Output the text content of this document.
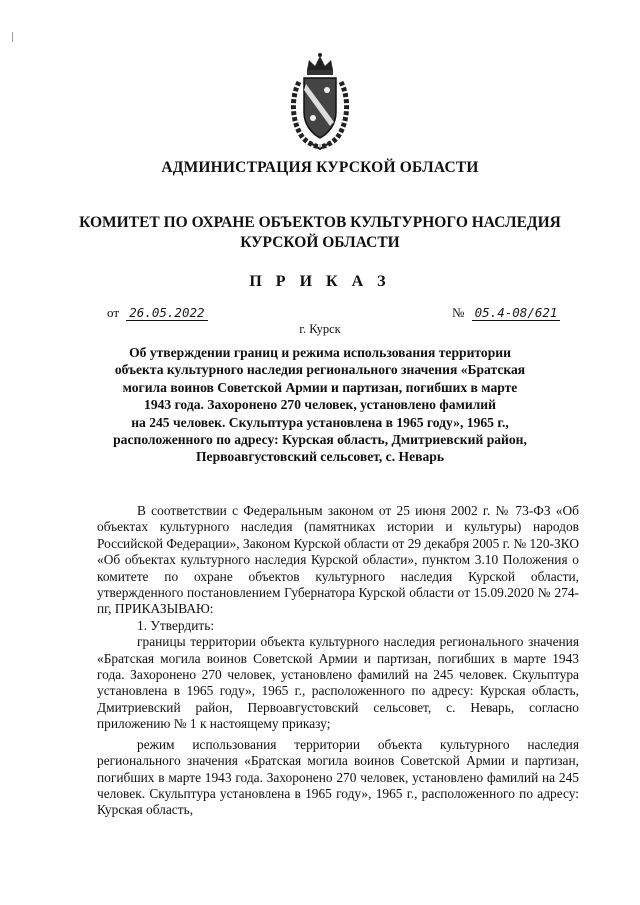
АДМИНИСТРАЦИЯ КУРСКОЙ ОБЛАСТИ
КОМИТЕТ ПО ОХРАНЕ ОБЪЕКТОВ КУЛЬТУРНОГО НАСЛЕДИЯ
КУРСКОЙ ОБЛАСТИ
П Р И К А З
от 26.05.2022	№ 05.4-08/621
г. Курск
Об утверждении границ и режима использования территории
объекта культурного наследия регионального значения «Братская
могила воинов Советской Армии и партизан, погибших в марте
1943 года. Захоронено 270 человек, установлено фамилий
на 245 человек. Скульптура установлена в 1965 году», 1965 г.,
расположенного по адресу: Курская область, Дмитриевский район,
Первоавгустовский сельсовет, с. Неварь

В соответствии с Федеральным законом от 25 июня 2002 г. № 73-ФЗ «Об объектах культурного наследия (памятниках истории и культуры) народов Российской Федерации», Законом Курской области от 29 декабря 2005 г. № 120-ЗКО «Об объектах культурного наследия Курской области», пунктом 3.10 Положения о комитете по охране объектов культурного наследия Курской области, утвержденного постановлением Губернатора Курской области от 15.09.2020 № 274-пг, ПРИКАЗЫВАЮ:

1. Утвердить:

границы территории объекта культурного наследия регионального значения «Братская могила воинов Советской Армии и партизан, погибших в марте 1943 года. Захоронено 270 человек, установлено фамилий на 245 человек. Скульптура установлена в 1965 году», 1965 г., расположенного по адресу: Курская область, Дмитриевский район, Первоавгустовский сельсовет, с. Неварь, согласно приложению № 1 к настоящему приказу;

режим использования территории объекта культурного наследия регионального значения «Братская могила воинов Советской Армии и партизан, погибших в марте 1943 года. Захоронено 270 человек, установлено фамилий на 245 человек. Скульптура установлена в 1965 году», 1965 г., расположенного по адресу: Курская область,
